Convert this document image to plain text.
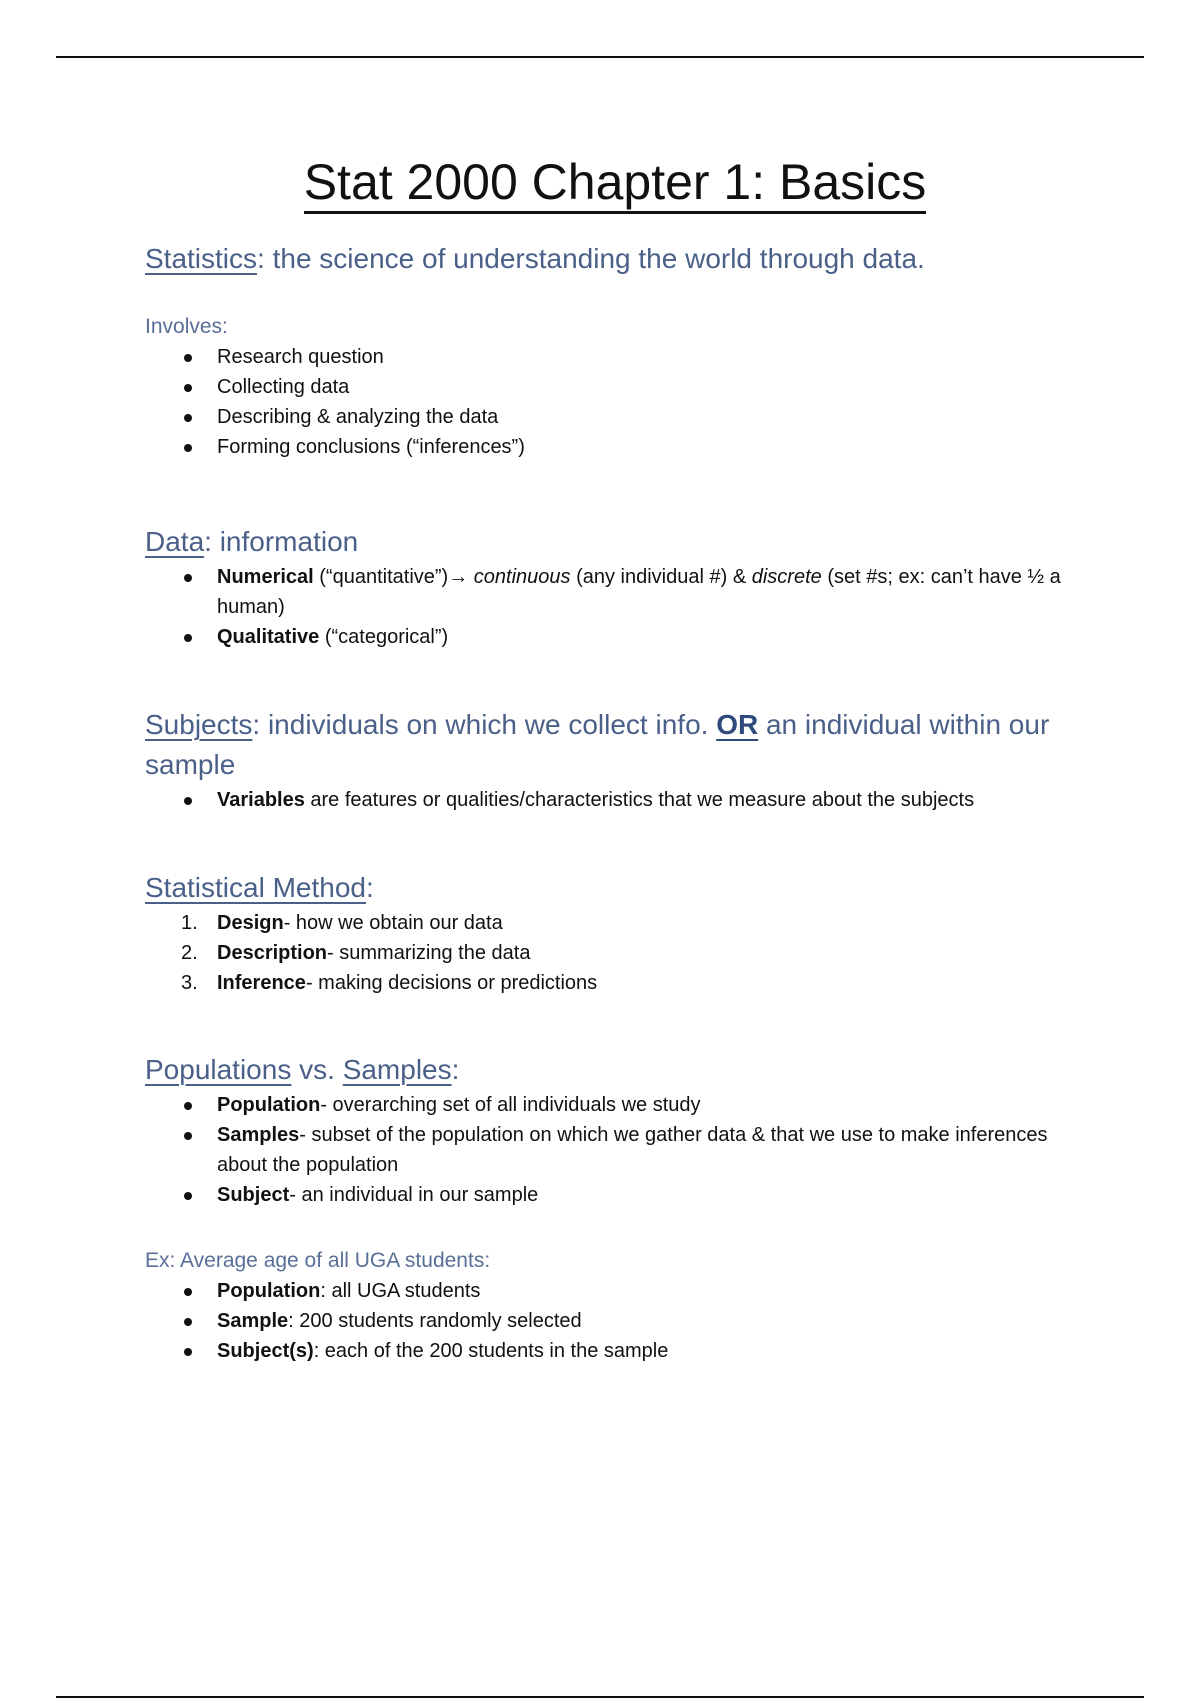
Stat 2000 Chapter 1: Basics

Statistics: the science of understanding the world through data.

Involves:

Research question
Collecting data
Describing & analyzing the data
Forming conclusions (“inferences”)

Data: information

Numerical (“quantitative”)→ continuous (any individual #) & discrete (set #s; ex: can’t have ½ a human)
Qualitative (“categorical”)

Subjects: individuals on which we collect info. OR an individual within our sample

Variables are features or qualities/characteristics that we measure about the subjects

Statistical Method:

1. Design- how we obtain our data
2. Description- summarizing the data
3. Inference- making decisions or predictions

Populations vs. Samples:

Population- overarching set of all individuals we study
Samples- subset of the population on which we gather data & that we use to make inferences about the population
Subject- an individual in our sample

Ex: Average age of all UGA students:

Population: all UGA students
Sample: 200 students randomly selected
Subject(s): each of the 200 students in the sample
